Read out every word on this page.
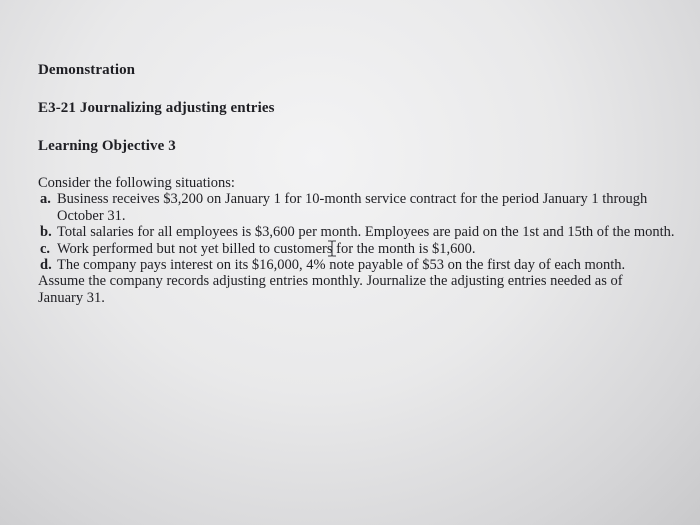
Demonstration
E3-21 Journalizing adjusting entries
Learning Objective 3

Consider the following situations:

a. Business receives $3,200 on January 1 for 10-month service contract for the period January 1 through October 31.
b. Total salaries for all employees is $3,600 per month. Employees are paid on the 1st and 15th of the month.
c. Work performed but not yet billed to customers
for the month is $1,600.
d. The company pays interest on its $16,000, 4% note payable of $53 on the first day of each month.

Assume the company records adjusting entries monthly. Journalize the adjusting entries needed as of January 31.
